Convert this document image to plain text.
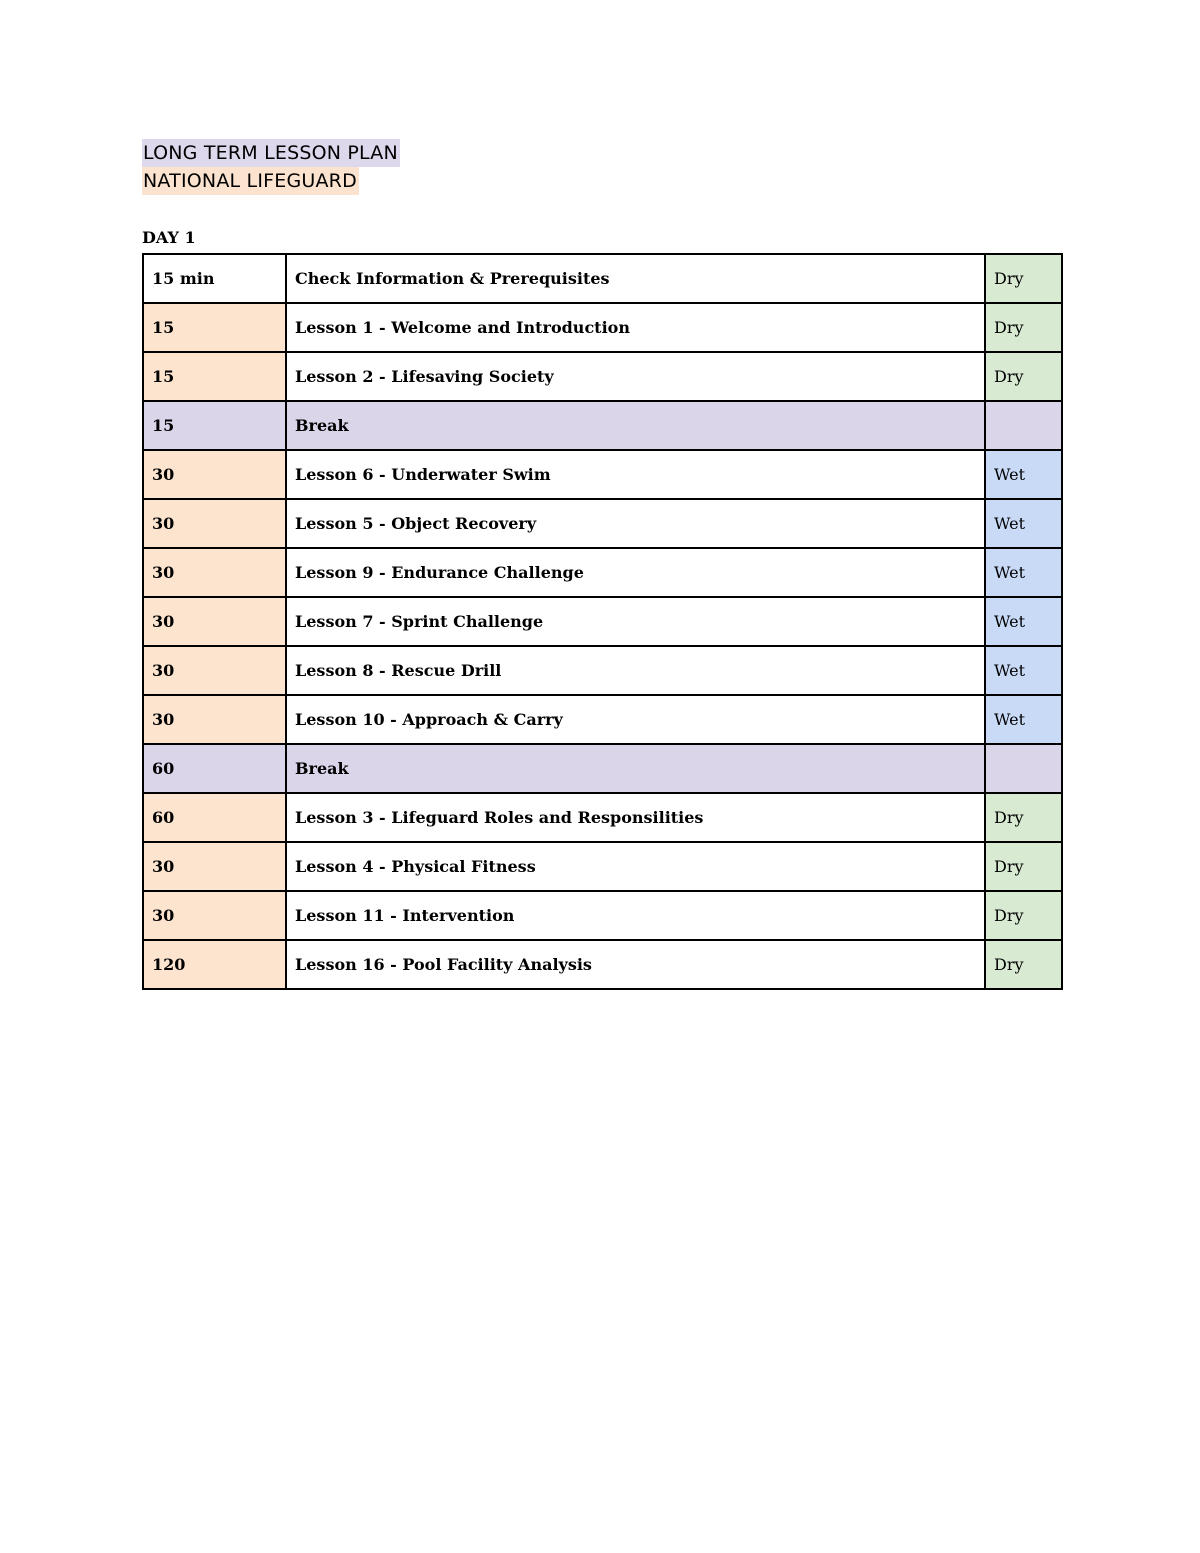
LONG TERM LESSON PLAN
NATIONAL LIFEGUARD
DAY 1
15 min	Check Information & Prerequisites	Dry
15	Lesson 1 - Welcome and Introduction	Dry
15	Lesson 2 - Lifesaving Society	Dry
15	Break	
30	Lesson 6 - Underwater Swim	Wet
30	Lesson 5 - Object Recovery	Wet
30	Lesson 9 - Endurance Challenge	Wet
30	Lesson 7 - Sprint Challenge	Wet
30	Lesson 8 - Rescue Drill	Wet
30	Lesson 10 - Approach & Carry	Wet
60	Break	
60	Lesson 3 - Lifeguard Roles and Responsilities	Dry
30	Lesson 4 - Physical Fitness	Dry
30	Lesson 11 - Intervention	Dry
120	Lesson 16 - Pool Facility Analysis	Dry
